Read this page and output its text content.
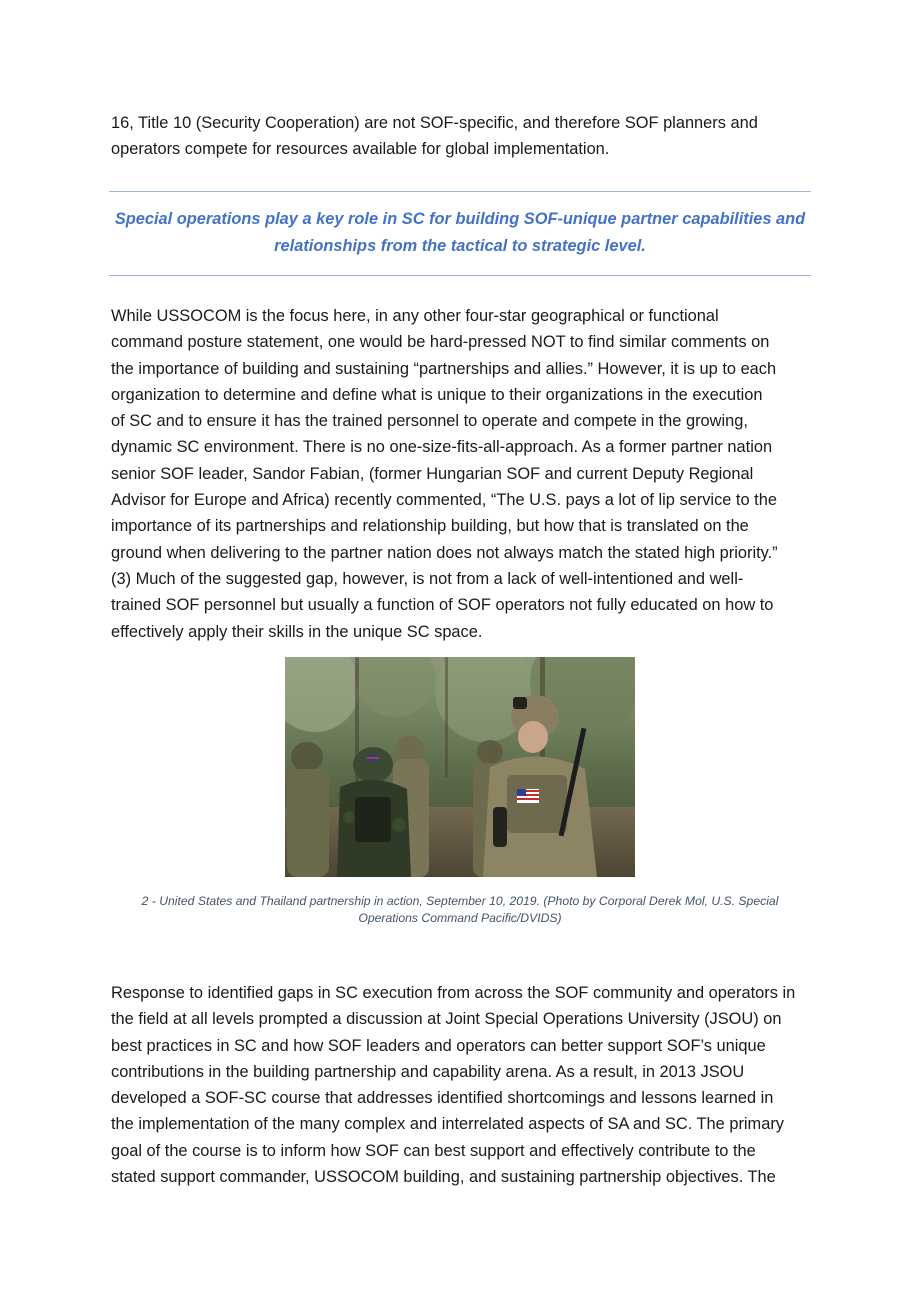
16, Title 10 (Security Cooperation) are not SOF-specific, and therefore SOF planners and
operators compete for resources available for global implementation.

Special operations play a key role in SC for building SOF-unique partner capabilities and
relationships from the tactical to strategic level.

While USSOCOM is the focus here, in any other four-star geographical or functional
command posture statement, one would be hard-pressed NOT to find similar comments on
the importance of building and sustaining “partnerships and allies.” However, it is up to each
organization to determine and define what is unique to their organizations in the execution
of SC and to ensure it has the trained personnel to operate and compete in the growing,
dynamic SC environment. There is no one-size-fits-all-approach. As a former partner nation
senior SOF leader, Sandor Fabian, (former Hungarian SOF and current Deputy Regional
Advisor for Europe and Africa) recently commented, “The U.S. pays a lot of lip service to the
importance of its partnerships and relationship building, but how that is translated on the
ground when delivering to the partner nation does not always match the stated high priority.”
(3) Much of the suggested gap, however, is not from a lack of well-intentioned and well-
trained SOF personnel but usually a function of SOF operators not fully educated on how to
effectively apply their skills in the unique SC space.

2 - United States and Thailand partnership in action, September 10, 2019. (Photo by Corporal Derek Mol, U.S. Special
Operations Command Pacific/DVIDS)

Response to identified gaps in SC execution from across the SOF community and operators in
the field at all levels prompted a discussion at Joint Special Operations University (JSOU) on
best practices in SC and how SOF leaders and operators can better support SOF’s unique
contributions in the building partnership and capability arena. As a result, in 2013 JSOU
developed a SOF-SC course that addresses identified shortcomings and lessons learned in
the implementation of the many complex and interrelated aspects of SA and SC. The primary
goal of the course is to inform how SOF can best support and effectively contribute to the
stated support commander, USSOCOM building, and sustaining partnership objectives. The
